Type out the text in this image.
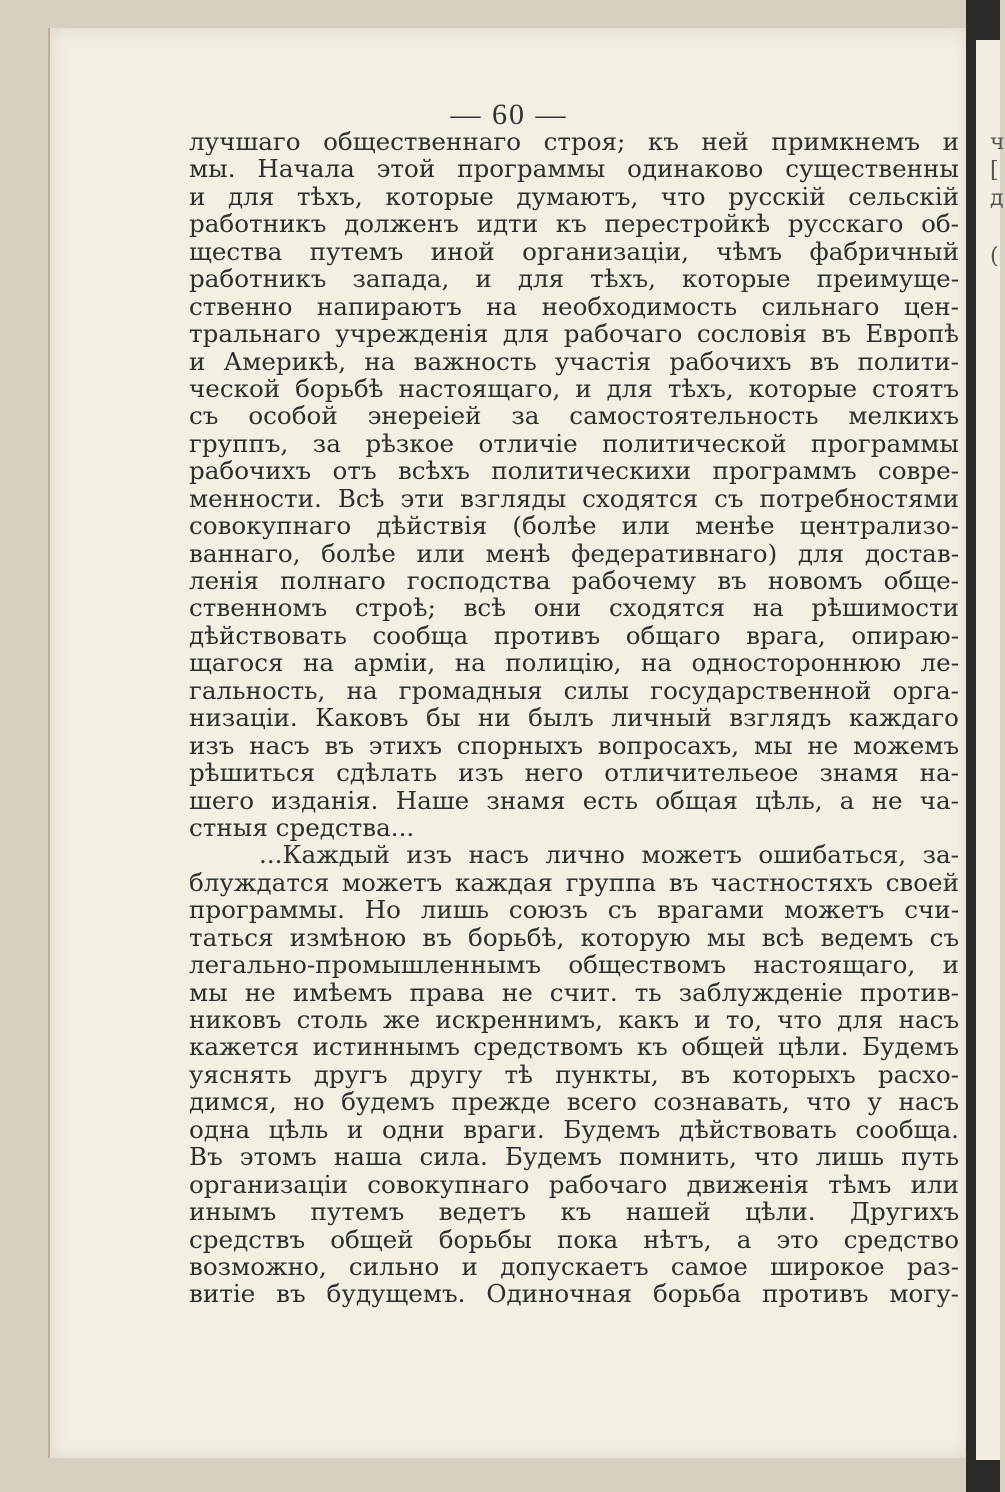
— 60 —
ч
[
д
(
лучшаго общественнаго строя; къ ней примкнемъ и
мы. Начала этой программы одинаково существенны
и для тѣхъ, которые думаютъ, что русскій сельскій
работникъ долженъ идти къ перестройкѣ русскаго об-
щества путемъ иной организаціи, чѣмъ фабричный
работникъ запада, и для тѣхъ, которые преимуще-
ственно напираютъ на необходимость сильнаго цен-
тральнаго учрежденія для рабочаго сословія въ Европѣ
и Америкѣ, на важность участія рабочихъ въ полити-
ческой борьбѣ настоящаго, и для тѣхъ, которые стоятъ
съ особой энереіей за самостоятельность мелкихъ
группъ, за рѣзкое отличіе политической программы
рабочихъ отъ всѣхъ политическихи программъ совре-
менности. Всѣ эти взгляды сходятся съ потребностями
совокупнаго дѣйствія (болѣе или менѣе централизо-
ваннаго, болѣе или менѣ федеративнаго) для достав-
ленія полнаго господства рабочему въ новомъ обще-
ственномъ строѣ; всѣ они сходятся на рѣшимости
дѣйствовать сообща противъ общаго врага, опираю-
щагося на арміи, на полицію, на одностороннюю ле-
гальность, на громадныя силы государственной орга-
низаціи. Каковъ бы ни былъ личный взглядъ каждаго
изъ насъ въ этихъ спорныхъ вопросахъ, мы не можемъ
рѣшиться сдѣлать изъ него отличительеое знамя на-
шего изданія. Наше знамя есть общая цѣль, а не ча-
стныя средства...
...Каждый изъ насъ лично можетъ ошибаться, за-
блуждатся можетъ каждая группа въ частностяхъ своей
программы. Но лишь союзъ съ врагами можетъ счи-
таться измѣною въ борьбѣ, которую мы всѣ ведемъ съ
легально-промышленнымъ обществомъ настоящаго, и
мы не имѣемъ права не счит. ть заблужденіе против-
никовъ столь же искреннимъ, какъ и то, что для насъ
кажется истиннымъ средствомъ къ общей цѣли. Будемъ
уяснять другъ другу тѣ пункты, въ которыхъ расхо-
димся, но будемъ прежде всего сознавать, что у насъ
одна цѣль и одни враги. Будемъ дѣйствовать сообща.
Въ этомъ наша сила. Будемъ помнить, что лишь путь
организаціи совокупнаго рабочаго движенія тѣмъ или
инымъ путемъ ведетъ къ нашей цѣли. Другихъ
средствъ общей борьбы пока нѣтъ, а это средство
возможно, сильно и допускаетъ самое широкое раз-
витіе въ будущемъ. Одиночная борьба противъ могу-
